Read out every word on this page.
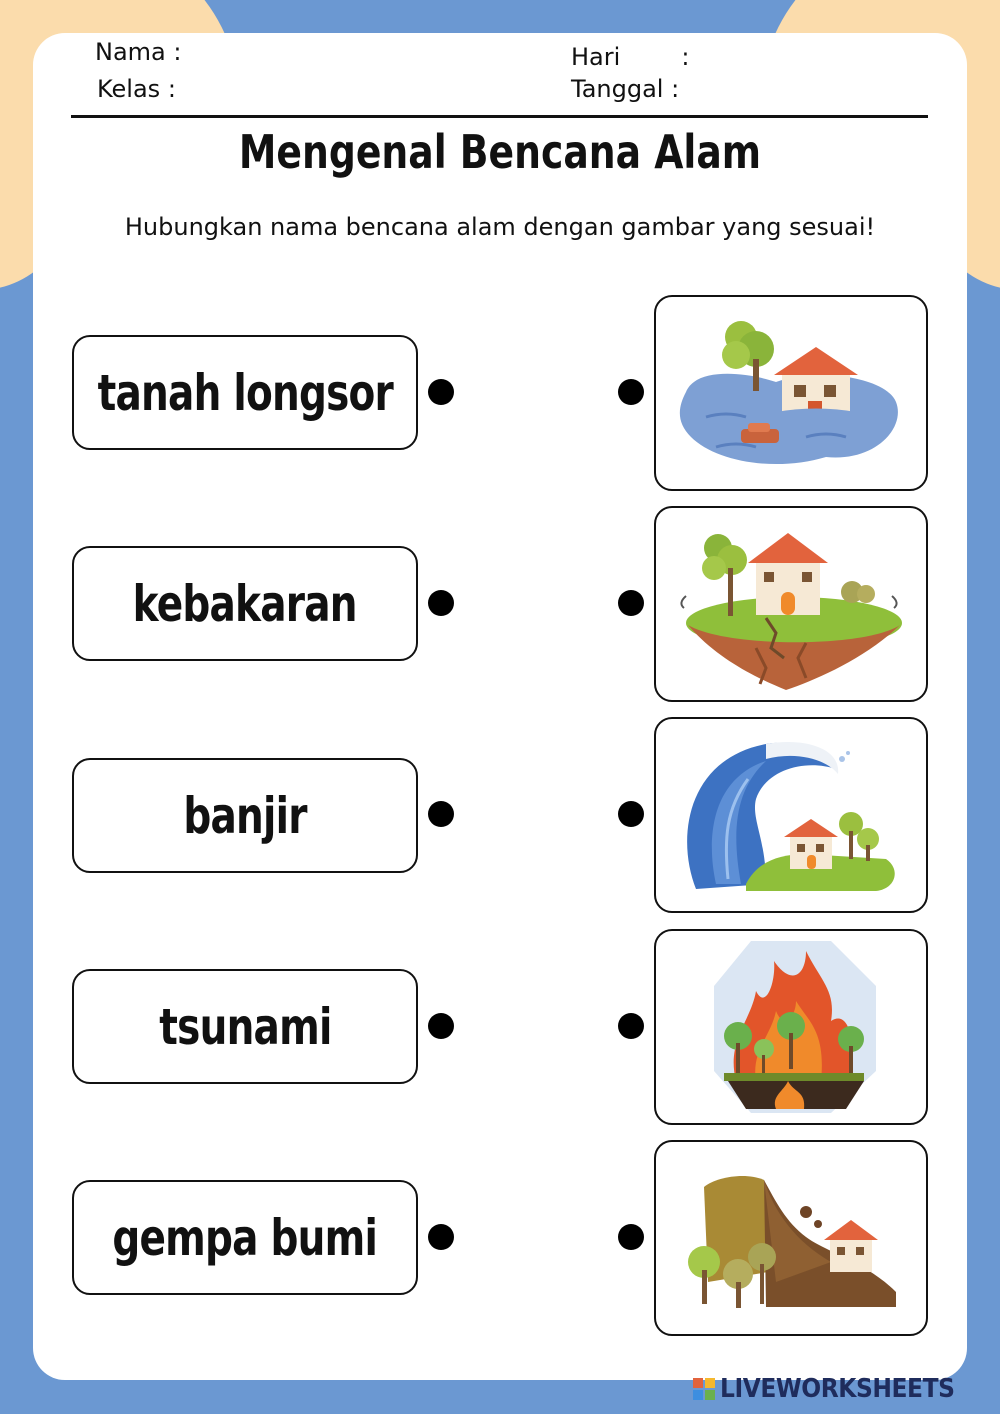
Nama :
Kelas :
Hari        :
Tanggal :
Mengenal Bencana Alam
Hubungkan nama bencana alam dengan gambar yang sesuai!
tanah longsor
kebakaran
banjir
tsunami
gempa bumi
LIVEWORKSHEETS
